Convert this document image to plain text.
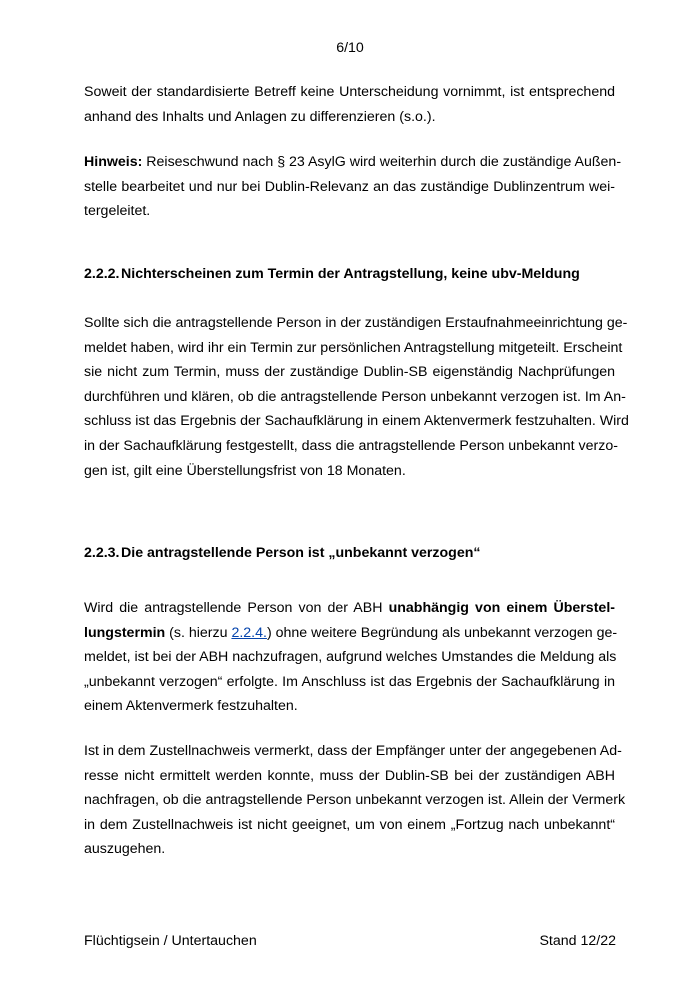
6/10
Soweit der standardisierte Betreff keine Unterscheidung vornimmt, ist entsprechend
anhand des Inhalts und Anlagen zu differenzieren (s.o.).
Hinweis: Reiseschwund nach § 23 AsylG wird weiterhin durch die zuständige Außen-
stelle bearbeitet und nur bei Dublin-Relevanz an das zuständige Dublinzentrum wei-
tergeleitet.
2.2.2. Nichterscheinen zum Termin der Antragstellung, keine ubv-Meldung
Sollte sich die antragstellende Person in der zuständigen Erstaufnahmeeinrichtung ge-
meldet haben, wird ihr ein Termin zur persönlichen Antragstellung mitgeteilt. Erscheint
sie nicht zum Termin, muss der zuständige Dublin-SB eigenständig Nachprüfungen
durchführen und klären, ob die antragstellende Person unbekannt verzogen ist. Im An-
schluss ist das Ergebnis der Sachaufklärung in einem Aktenvermerk festzuhalten. Wird
in der Sachaufklärung festgestellt, dass die antragstellende Person unbekannt verzo-
gen ist, gilt eine Überstellungsfrist von 18 Monaten.
2.2.3. Die antragstellende Person ist „unbekannt verzogen“
Wird die antragstellende Person von der ABH unabhängig von einem Überstel-
lungstermin (s. hierzu 2.2.4.) ohne weitere Begründung als unbekannt verzogen ge-
meldet, ist bei der ABH nachzufragen, aufgrund welches Umstandes die Meldung als
„unbekannt verzogen“ erfolgte. Im Anschluss ist das Ergebnis der Sachaufklärung in
einem Aktenvermerk festzuhalten.
Ist in dem Zustellnachweis vermerkt, dass der Empfänger unter der angegebenen Ad-
resse nicht ermittelt werden konnte, muss der Dublin-SB bei der zuständigen ABH
nachfragen, ob die antragstellende Person unbekannt verzogen ist. Allein der Vermerk
in dem Zustellnachweis ist nicht geeignet, um von einem „Fortzug nach unbekannt“
auszugehen.
Flüchtigsein / Untertauchen	Stand 12/22
